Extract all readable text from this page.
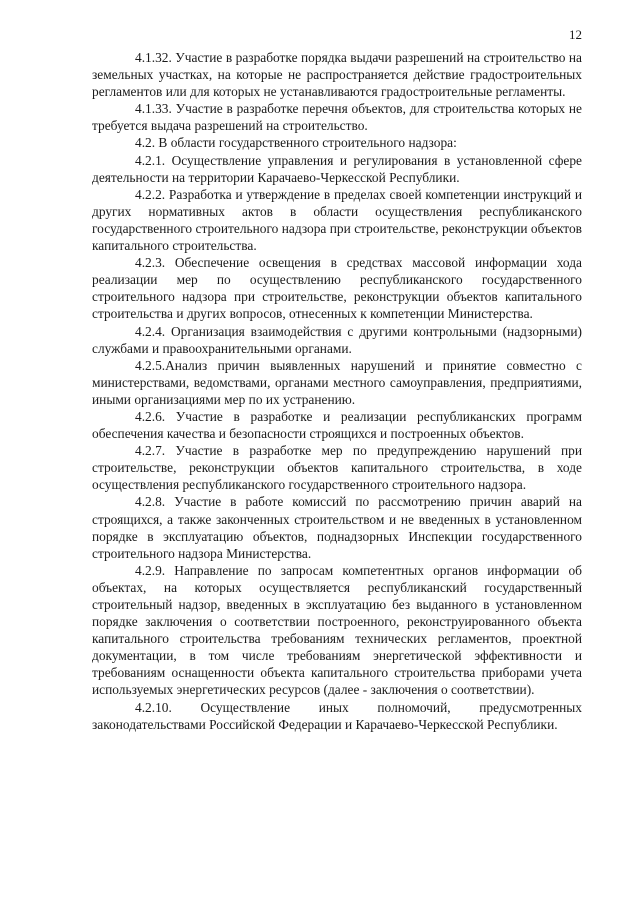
12

4.1.32. Участие в разработке порядка выдачи разрешений на строительство на земельных участках, на которые не распространяется действие градостроительных регламентов или для которых не устанавливаются градостроительные регламенты.

4.1.33. Участие в разработке перечня объектов, для строительства которых не требуется выдача разрешений на строительство.

4.2. В области государственного строительного надзора:

4.2.1. Осуществление управления и регулирования в установленной сфере деятельности на территории Карачаево-Черкесской Республики.

4.2.2. Разработка и утверждение в пределах своей компетенции инструкций и других нормативных актов в области осуществления республиканского государственного строительного надзора при строительстве, реконструкции объектов капитального строительства.

4.2.3. Обеспечение освещения в средствах массовой информации хода реализации мер по осуществлению республиканского государственного строительного надзора при строительстве, реконструкции объектов капитального строительства и других вопросов, отнесенных к компетенции Министерства.

4.2.4. Организация взаимодействия с другими контрольными (надзорными) службами и правоохранительными органами.

4.2.5.Анализ причин выявленных нарушений и принятие совместно с министерствами, ведомствами, органами местного самоуправления, предприятиями, иными организациями мер по их устранению.

4.2.6. Участие в разработке и реализации республиканских программ обеспечения качества и безопасности строящихся и построенных объектов.

4.2.7. Участие в разработке мер по предупреждению нарушений при строительстве, реконструкции объектов капитального строительства, в ходе осуществления республиканского государственного строительного надзора.

4.2.8. Участие в работе комиссий по рассмотрению причин аварий на строящихся, а также законченных строительством и не введенных в установленном порядке в эксплуатацию объектов, поднадзорных Инспекции государственного строительного надзора Министерства.

4.2.9. Направление по запросам компетентных органов информации об объектах, на которых осуществляется республиканский государственный строительный надзор, введенных в эксплуатацию без выданного в установленном порядке заключения о соответствии построенного, реконструированного объекта капитального строительства требованиям технических регламентов, проектной документации, в том числе требованиям энергетической эффективности и требованиям оснащенности объекта капитального строительства приборами учета используемых энергетических ресурсов (далее - заключения о соответствии).

4.2.10. Осуществление иных полномочий, предусмотренных законодательствами Российской Федерации и Карачаево-Черкесской Республики.
